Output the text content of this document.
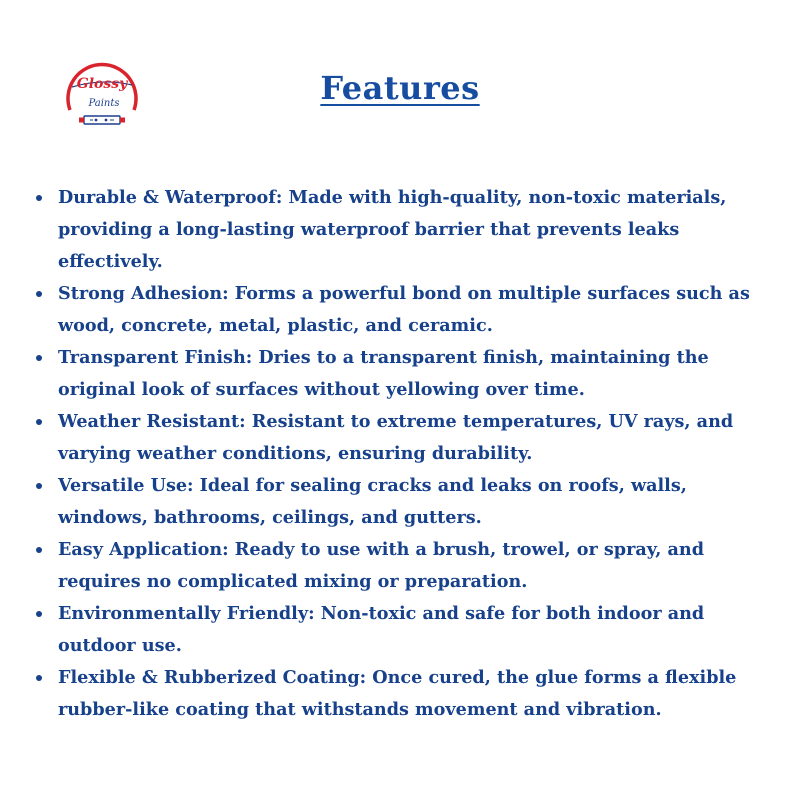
Glossy
Paints	Features
Durable & Waterproof: Made with high-quality, non-toxic materials, providing a long-lasting waterproof barrier that prevents leaks effectively.
Strong Adhesion: Forms a powerful bond on multiple surfaces such as wood, concrete, metal, plastic, and ceramic.
Transparent Finish: Dries to a transparent finish, maintaining the original look of surfaces without yellowing over time.
Weather Resistant: Resistant to extreme temperatures, UV rays, and varying weather conditions, ensuring durability.
Versatile Use: Ideal for sealing cracks and leaks on roofs, walls, windows, bathrooms, ceilings, and gutters.
Easy Application: Ready to use with a brush, trowel, or spray, and requires no complicated mixing or preparation.
Environmentally Friendly: Non-toxic and safe for both indoor and outdoor use.
Flexible & Rubberized Coating: Once cured, the glue forms a flexible rubber-like coating that withstands movement and vibration.
